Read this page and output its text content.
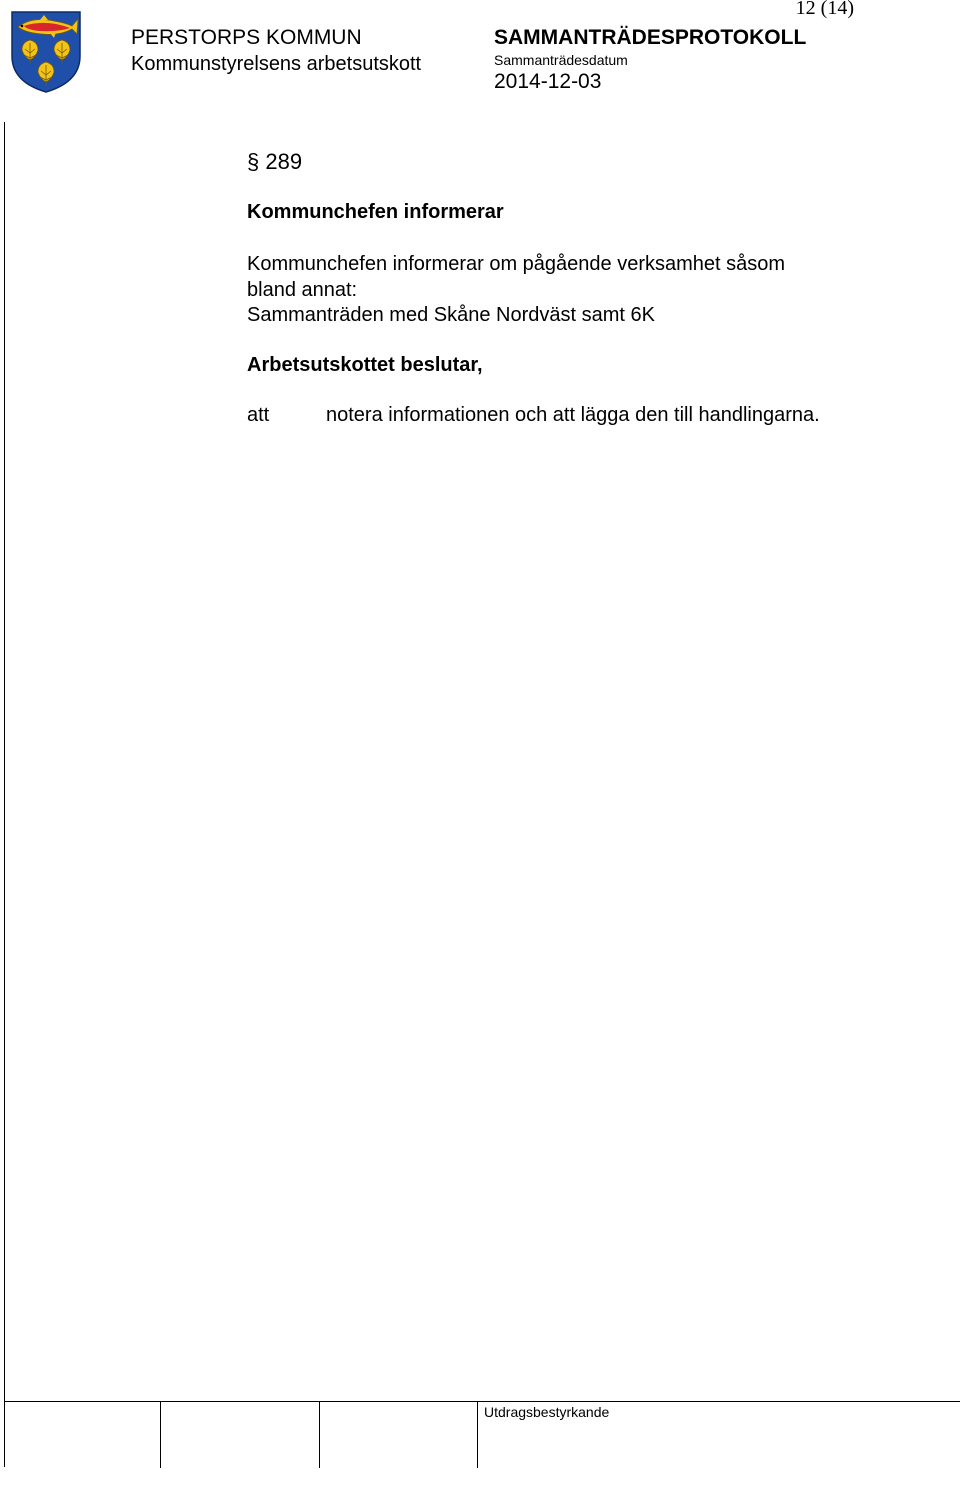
12 (14)
PERSTORPS KOMMUN
Kommunstyrelsens arbetsutskott
SAMMANTRÄDESPROTOKOLL
Sammanträdesdatum
2014-12-03
§ 289
Kommunchefen informerar
Kommunchefen informerar om pågående verksamhet såsom
bland annat:
Sammanträden med Skåne Nordväst samt 6K
Arbetsutskottet beslutar,
att	notera informationen och att lägga den till handlingarna.
Utdragsbestyrkande
